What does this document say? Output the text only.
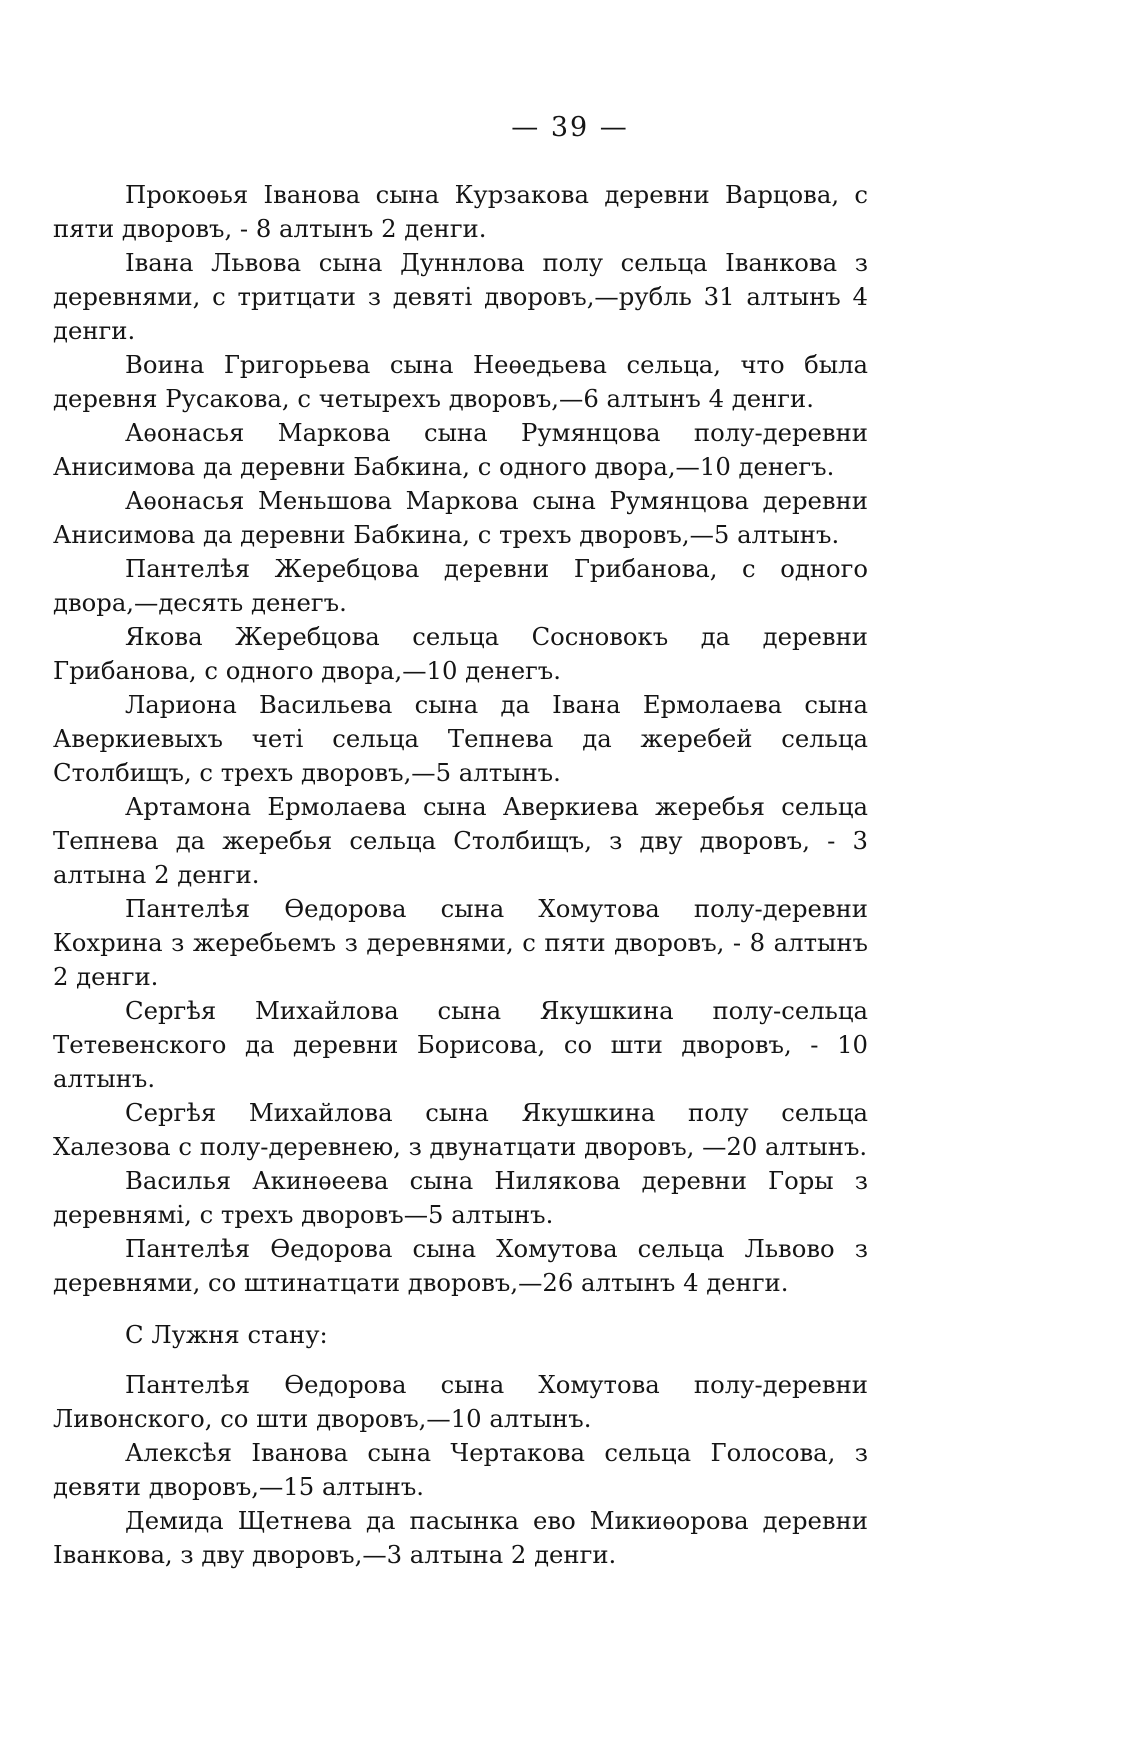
— 39 —

Прокоѳья Іванова сына Курзакова деревни Варцова, с пяти дворовъ, - 8 алтынъ 2 денги.

Івана Львова сына Дуннлова полу сельца Іванкова з деревнями, с тритцати з девяті дворовъ,—рубль 31 алтынъ 4 денги.

Воина Григорьева сына Неѳедьева сельца, что была деревня Русакова, с четырехъ дворовъ,—6 алтынъ 4 денги.

Аѳонасья Маркова сына Румянцова полу-деревни Анисимова да деревни Бабкина, с одного двора,—10 денегъ.

Аѳонасья Меньшова Маркова сына Румянцова деревни Анисимова да деревни Бабкина, с трехъ дворовъ,—5 алтынъ.

Пантелѣя Жеребцова деревни Грибанова, с одного двора,—десять денегъ.

Якова Жеребцова сельца Сосновокъ да деревни Грибанова, с одного двора,—10 денегъ.

Лариона Васильева сына да Івана Ермолаева сына Аверкиевыхъ четі сельца Тепнева да жеребей сельца Столбищъ, с трехъ дворовъ,—5 алтынъ.

Артамона Ермолаева сына Аверкиева жеребья сельца Тепнева да жеребья сельца Столбищъ, з дву дворовъ, - 3 алтына 2 денги.

Пантелѣя Ѳедорова сына Хомутова полу-деревни Кохрина з жеребьемъ з деревнями, с пяти дворовъ, - 8 алтынъ 2 денги.

Сергѣя Михайлова сына Якушкина полу-сельца Тетевенского да деревни Борисова, со шти дворовъ, - 10 алтынъ.

Сергѣя Михайлова сына Якушкина полу сельца Халезова с полу-деревнею, з двунатцати дворовъ, —20 алтынъ.

Василья Акинѳеева сына Нилякова деревни Горы з деревнямі, с трехъ дворовъ—5 алтынъ.

Пантелѣя Ѳедорова сына Хомутова сельца Львово з деревнями, со штинатцати дворовъ,—26 алтынъ 4 денги.

С Лужня стану:

Пантелѣя Ѳедорова сына Хомутова полу-деревни Ливонского, со шти дворовъ,—10 алтынъ.

Алексѣя Іванова сына Чертакова сельца Голосова, з девяти дворовъ,—15 алтынъ.

Демида Щетнева да пасынка ево Микиѳорова деревни Іванкова, з дву дворовъ,—3 алтына 2 денги.
